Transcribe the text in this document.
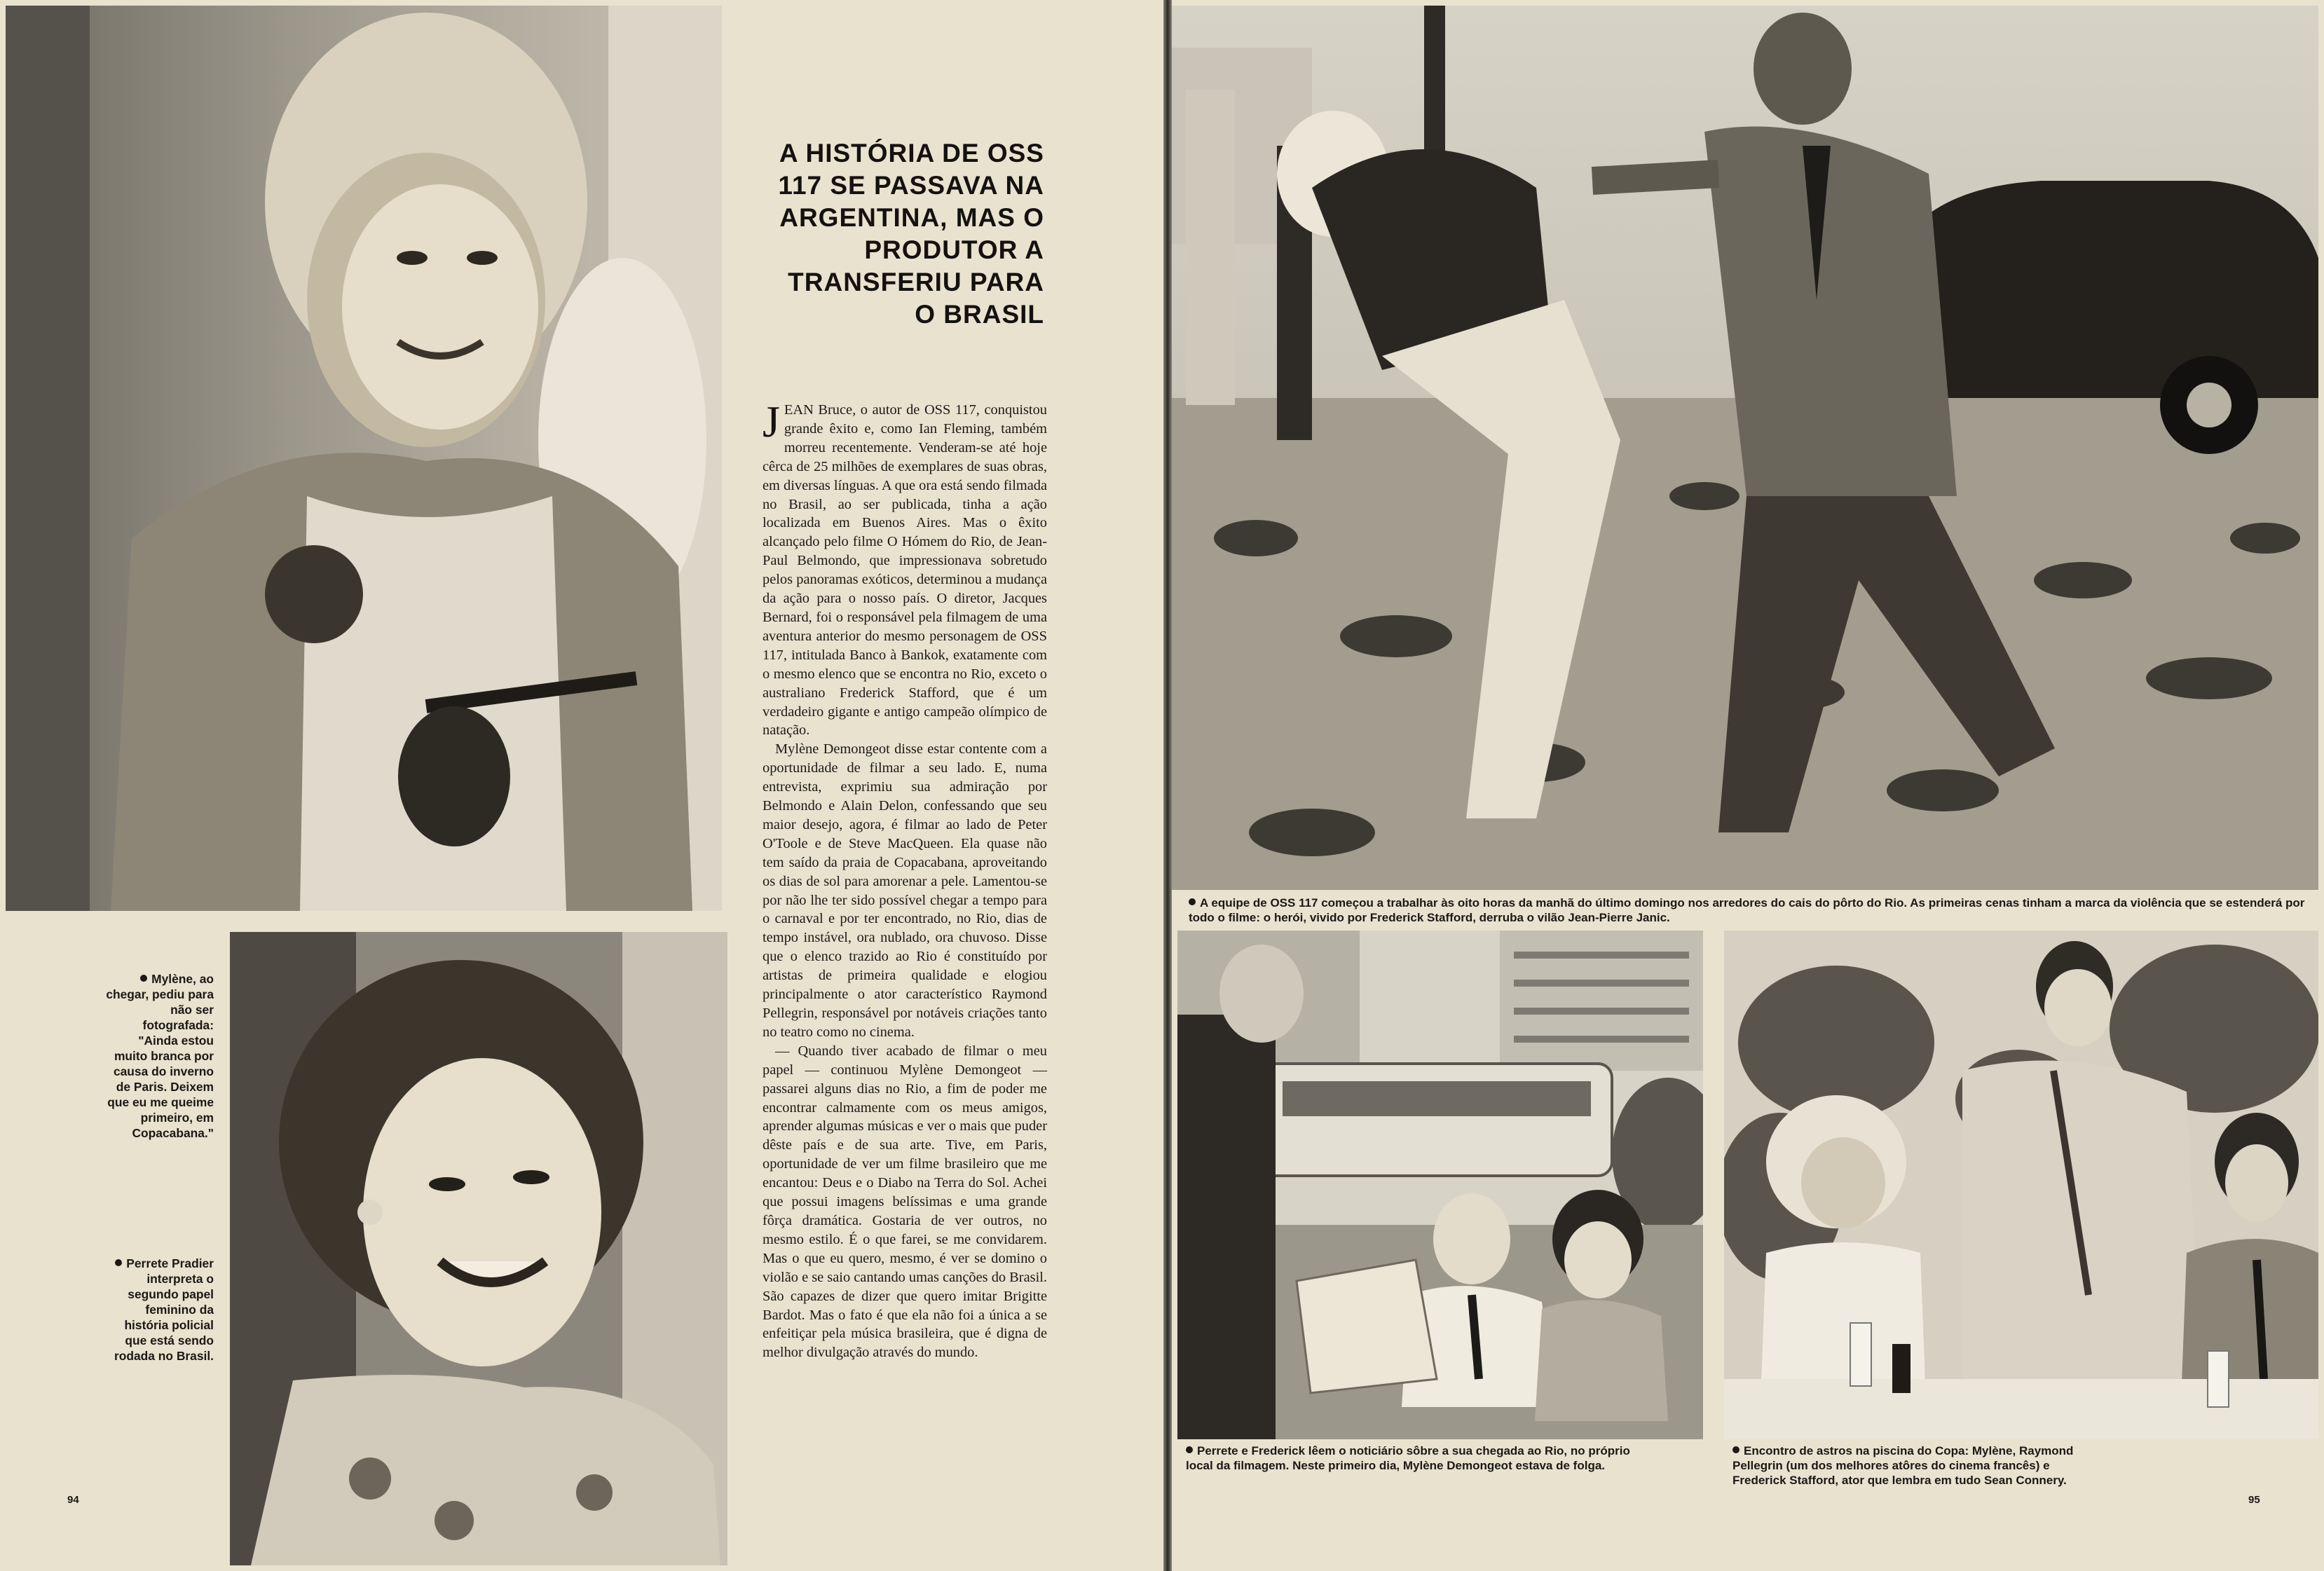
Mylène, ao chegar, pediu para não ser fotografada: "Ainda estou muito branca por causa do inverno de Paris. Deixem que eu me queime primeiro, em Copacabana."
Perrete Pradier interpreta o segundo papel feminino da história policial que está sendo rodada no Brasil.
A HISTÓRIA DE OSS
117 SE PASSAVA NA
ARGENTINA, MAS O
PRODUTOR A
TRANSFERIU PARA
O BRASIL

JEAN Bruce, o autor de OSS 117, conquistou grande êxito e, como Ian Fleming, também morreu recentemente. Venderam-se até hoje cêrca de 25 milhões de exemplares de suas obras, em diversas línguas. A que ora está sendo filmada no Brasil, ao ser publicada, tinha a ação localizada em Buenos Aires. Mas o êxito alcançado pelo filme O Hómem do Rio, de Jean-Paul Belmondo, que impressionava sobretudo pelos panoramas exóticos, determinou a mudança da ação para o nosso país. O diretor, Jacques Bernard, foi o responsável pela filmagem de uma aventura anterior do mesmo personagem de OSS 117, intitulada Banco à Bankok, exatamente com o mesmo elenco que se encontra no Rio, exceto o australiano Frederick Stafford, que é um verdadeiro gigante e antigo campeão olímpico de natação.

Mylène Demongeot disse estar contente com a oportunidade de filmar a seu lado. E, numa entrevista, exprimiu sua admiração por Belmondo e Alain Delon, confessando que seu maior desejo, agora, é filmar ao lado de Peter O'Toole e de Steve MacQueen. Ela quase não tem saído da praia de Copacabana, aproveitando os dias de sol para amorenar a pele. Lamentou-se por não lhe ter sido possível chegar a tempo para o carnaval e por ter encontrado, no Rio, dias de tempo instável, ora nublado, ora chuvoso. Disse que o elenco trazido ao Rio é constituído por artistas de primeira qualidade e elogiou principalmente o ator característico Raymond Pellegrin, responsável por notáveis criações tanto no teatro como no cinema.

— Quando tiver acabado de filmar o meu papel — continuou Mylène Demongeot — passarei alguns dias no Rio, a fim de poder me encontrar calmamente com os meus amigos, aprender algumas músicas e ver o mais que puder dêste país e de sua arte. Tive, em Paris, oportunidade de ver um filme brasileiro que me encantou: Deus e o Diabo na Terra do Sol. Achei que possui imagens belíssimas e uma grande fôrça dramática. Gostaria de ver outros, no mesmo estilo. É o que farei, se me convidarem. Mas o que eu quero, mesmo, é ver se domino o violão e se saio cantando umas canções do Brasil. São capazes de dizer que quero imitar Brigitte Bardot. Mas o fato é que ela não foi a única a se enfeitiçar pela música brasileira, que é digna de melhor divulgação através do mundo.

94
A equipe de OSS 117 começou a trabalhar às oito horas da manhã do último domingo nos arredores do cais do pôrto do Rio. As primeiras cenas tinham a marca da violência que se estenderá por todo o filme: o herói, vivido por Frederick Stafford, derruba o vilão Jean-Pierre Janic.
Perrete e Frederick lêem o noticiário sôbre a sua chegada ao Rio, no próprio local da filmagem. Neste primeiro dia, Mylène Demongeot estava de folga.
Encontro de astros na piscina do Copa: Mylène, Raymond Pellegrin (um dos melhores atôres do cinema francês) e Frederick Stafford, ator que lembra em tudo Sean Connery.
95
